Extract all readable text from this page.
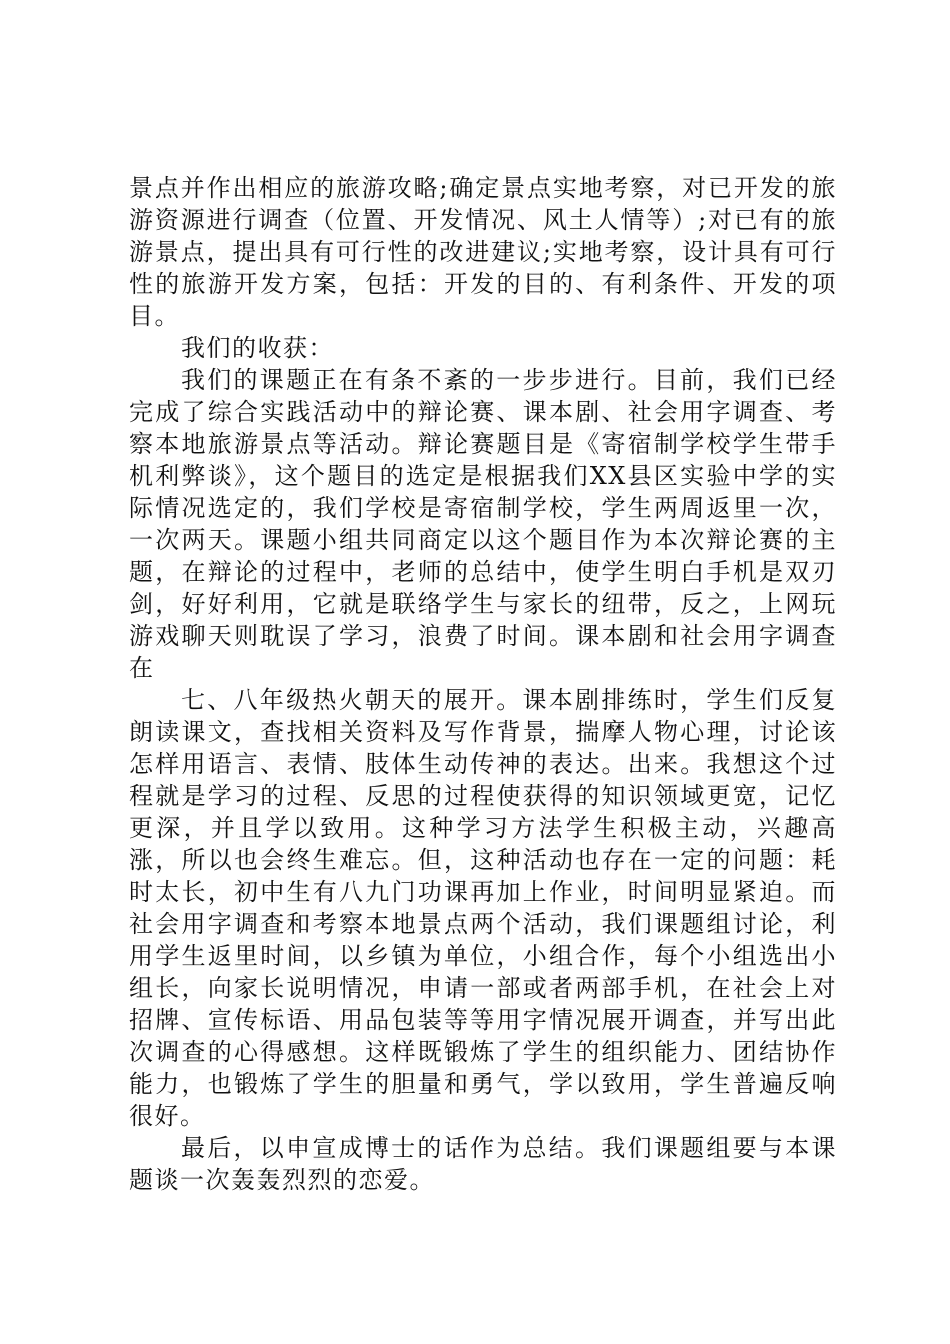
景点并作出相应的旅游攻略;确定景点实地考察，对已开发的旅游资源进行调查（位置、开发情况、风土人情等）;对已有的旅游景点，提出具有可行性的改进建议;实地考察，设计具有可行性的旅游开发方案，包括：开发的目的、有利条件、开发的项目。

我们的收获：

我们的课题正在有条不紊的一步步进行。目前，我们已经完成了综合实践活动中的辩论赛、课本剧、社会用字调查、考察本地旅游景点等活动。辩论赛题目是《寄宿制学校学生带手机利弊谈》，这个题目的选定是根据我们XX县区实验中学的实际情况选定的，我们学校是寄宿制学校，学生两周返里一次，一次两天。课题小组共同商定以这个题目作为本次辩论赛的主题，在辩论的过程中，老师的总结中，使学生明白手机是双刃剑，好好利用，它就是联络学生与家长的纽带，反之，上网玩游戏聊天则耽误了学习，浪费了时间。课本剧和社会用字调查在

七、八年级热火朝天的展开。课本剧排练时，学生们反复朗读课文，查找相关资料及写作背景，揣摩人物心理，讨论该怎样用语言、表情、肢体生动传神的表达。出来。我想这个过程就是学习的过程、反思的过程使获得的知识领域更宽，记忆更深，并且学以致用。这种学习方法学生积极主动，兴趣高涨，所以也会终生难忘。但，这种活动也存在一定的问题：耗时太长，初中生有八九门功课再加上作业，时间明显紧迫。而社会用字调查和考察本地景点两个活动，我们课题组讨论，利用学生返里时间，以乡镇为单位，小组合作，每个小组选出小组长，向家长说明情况，申请一部或者两部手机，在社会上对招牌、宣传标语、用品包装等等用字情况展开调查，并写出此次调查的心得感想。这样既锻炼了学生的组织能力、团结协作能力，也锻炼了学生的胆量和勇气，学以致用，学生普遍反响很好。

最后，以申宣成博士的话作为总结。我们课题组要与本课题谈一次轰轰烈烈的恋爱。
